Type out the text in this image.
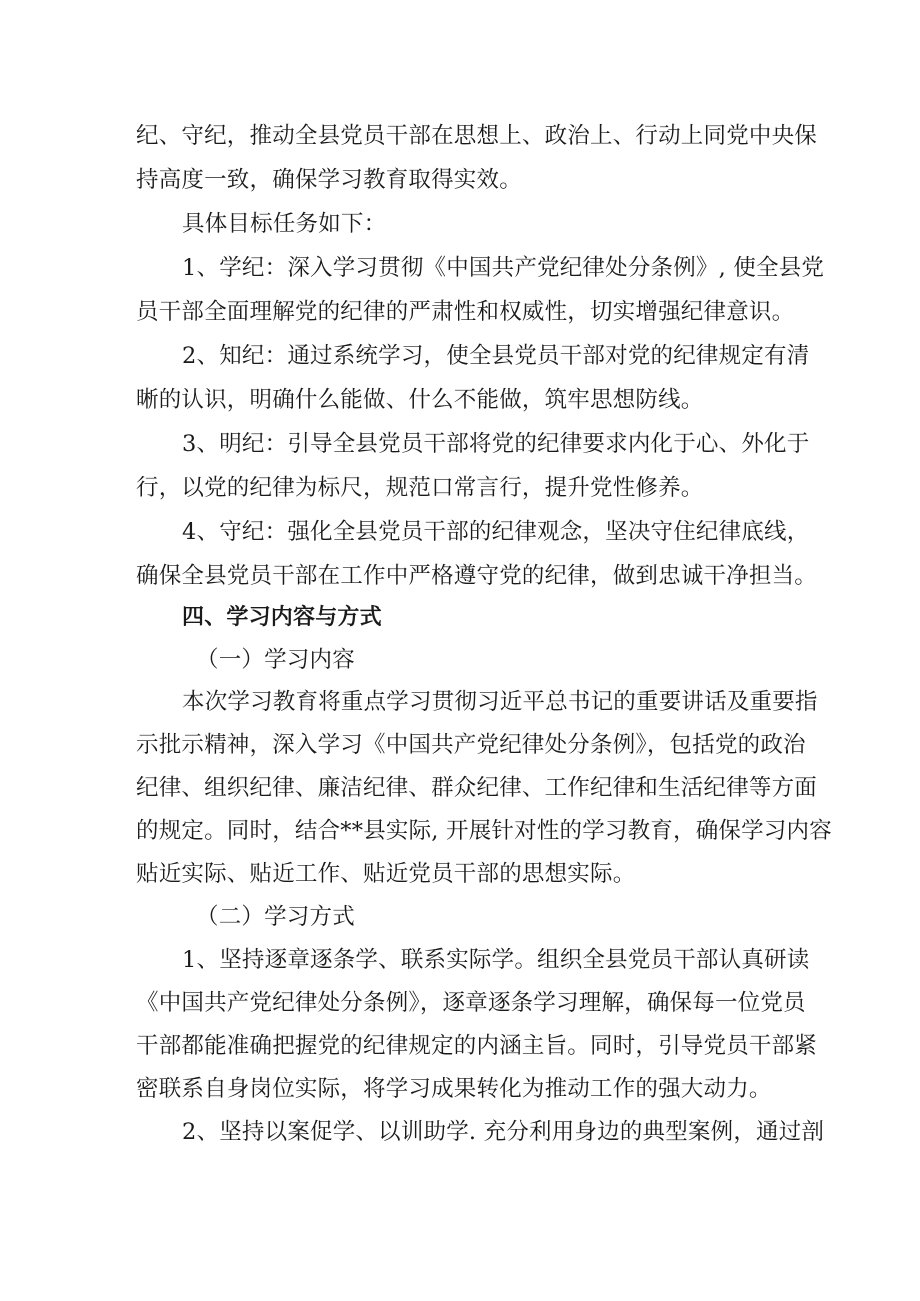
纪、守纪，推动全县党员干部在思想上、政治上、行动上同党中央保
持高度一致，确保学习教育取得实效。
具体目标任务如下：
1、学纪：深入学习贯彻《中国共产党纪律处分条例》, 使全县党
员干部全面理解党的纪律的严肃性和权威性，切实增强纪律意识。
2、知纪：通过系统学习，使全县党员干部对党的纪律规定有清
晰的认识，明确什么能做、什么不能做，筑牢思想防线。
3、明纪：引导全县党员干部将党的纪律要求内化于心、外化于
行，以党的纪律为标尺，规范口常言行，提升党性修养。
4、守纪：强化全县党员干部的纪律观念，坚决守住纪律底线，
确保全县党员干部在工作中严格遵守党的纪律，做到忠诚干净担当。
四、学习内容与方式
（一）学习内容
本次学习教育将重点学习贯彻习近平总书记的重要讲话及重要指
示批示精神，深入学习《中国共产党纪律处分条例》，包括党的政治
纪律、组织纪律、廉洁纪律、群众纪律、工作纪律和生活纪律等方面
的规定。同时，结合**县实际, 开展针对性的学习教育，确保学习内容
贴近实际、贴近工作、贴近党员干部的思想实际。
（二）学习方式
1、坚持逐章逐条学、联系实际学。组织全县党员干部认真研读
《中国共产党纪律处分条例》，逐章逐条学习理解，确保每一位党员
干部都能准确把握党的纪律规定的内涵主旨。同时，引导党员干部紧
密联系自身岗位实际，将学习成果转化为推动工作的强大动力。
2、坚持以案促学、以训助学. 充分利用身边的典型案例，通过剖
